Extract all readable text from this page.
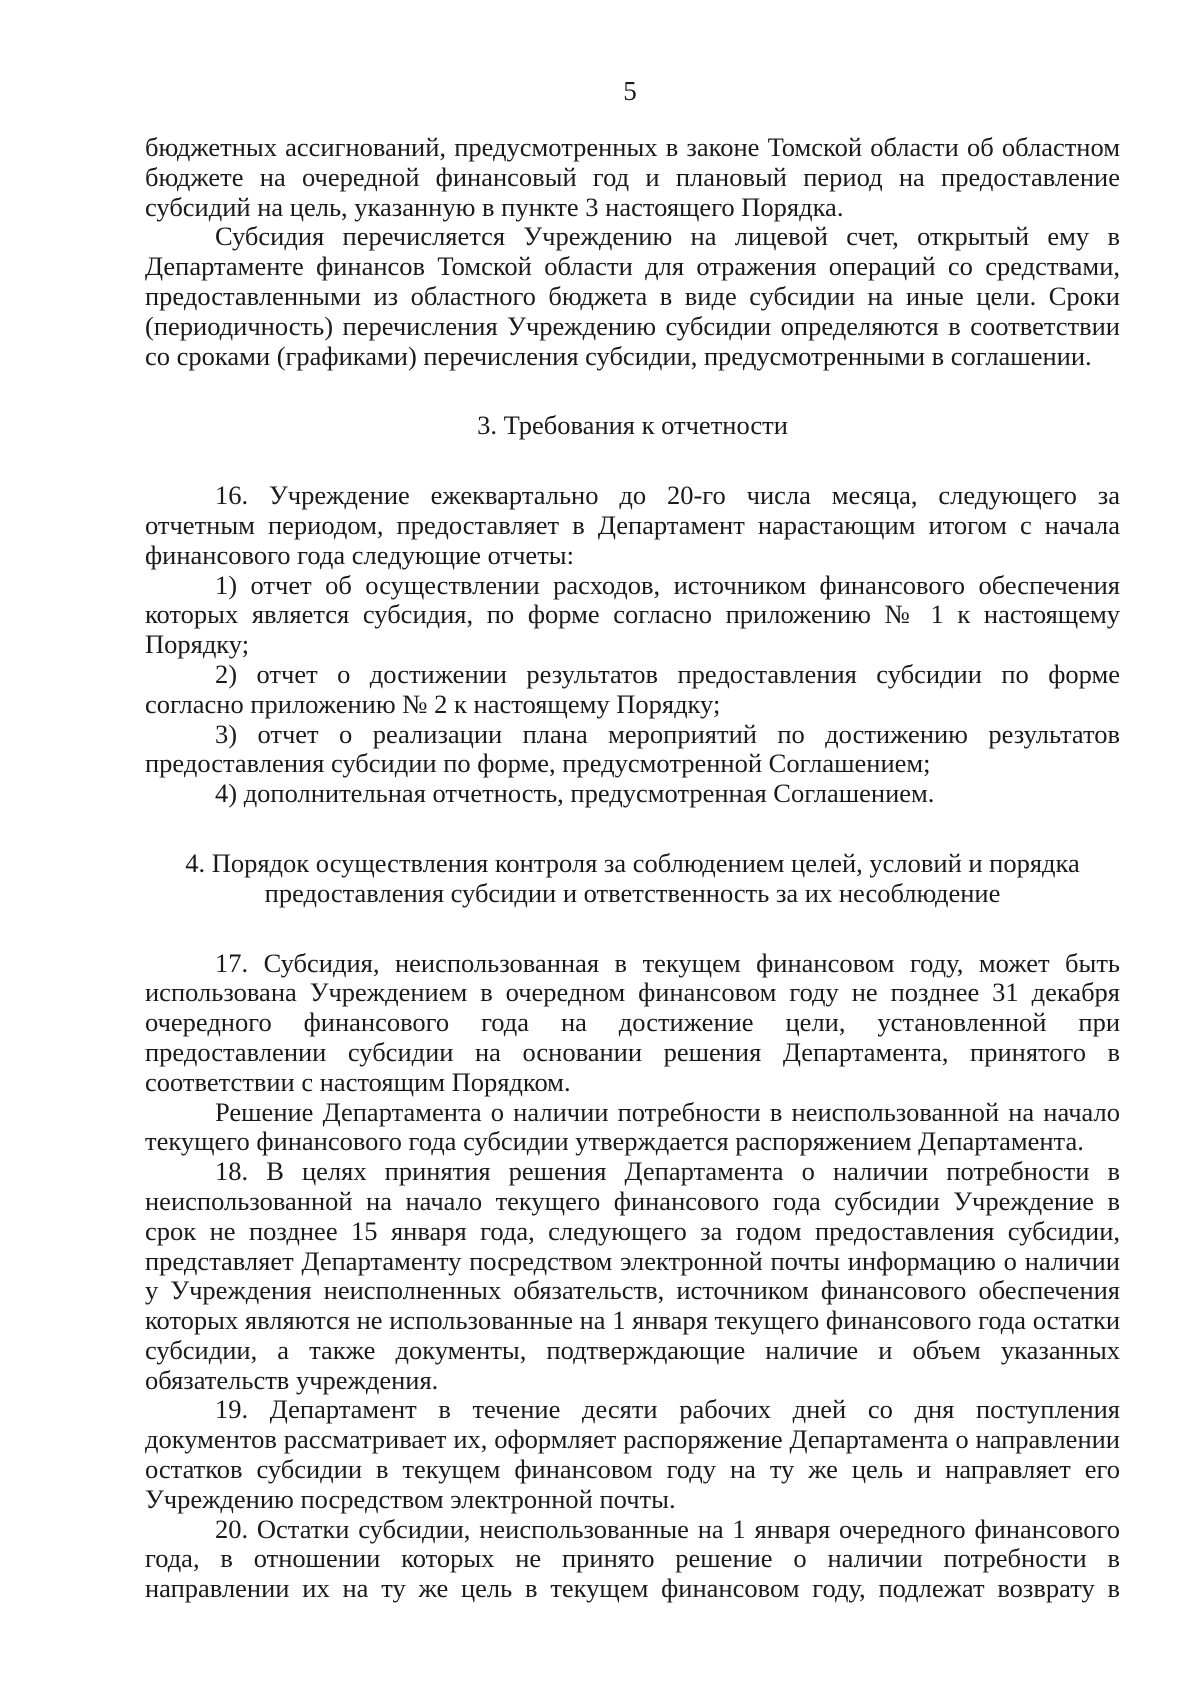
5

бюджетных ассигнований, предусмотренных в законе Томской области об областном бюджете на очередной финансовый год и плановый период на предоставление субсидий на цель, указанную в пункте 3 настоящего Порядка.

Субсидия перечисляется Учреждению на лицевой счет, открытый ему в Департаменте финансов Томской области для отражения операций со средствами, предоставленными из областного бюджета в виде субсидии на иные цели. Сроки (периодичность) перечисления Учреждению субсидии определяются в соответствии со сроками (графиками) перечисления субсидии, предусмотренными в соглашении.

3. Требования к отчетности

16. Учреждение ежеквартально до 20-го числа месяца, следующего за отчетным периодом, предоставляет в Департамент нарастающим итогом с начала финансового года следующие отчеты:

1) отчет об осуществлении расходов, источником финансового обеспечения которых является субсидия, по форме согласно приложению № 1 к настоящему Порядку;

2) отчет о достижении результатов предоставления субсидии по форме согласно приложению № 2 к настоящему Порядку;

3) отчет о реализации плана мероприятий по достижению результатов предоставления субсидии по форме, предусмотренной Соглашением;

4) дополнительная отчетность, предусмотренная Соглашением.

4. Порядок осуществления контроля за соблюдением целей, условий и порядка
предоставления субсидии и ответственность за их несоблюдение

17. Субсидия, неиспользованная в текущем финансовом году, может быть использована Учреждением в очередном финансовом году не позднее 31 декабря очередного финансового года на достижение цели, установленной при предоставлении субсидии на основании решения Департамента, принятого в соответствии с настоящим Порядком.

Решение Департамента о наличии потребности в неиспользованной на начало текущего финансового года субсидии утверждается распоряжением Департамента.

18. В целях принятия решения Департамента о наличии потребности в неиспользованной на начало текущего финансового года субсидии Учреждение в срок не позднее 15 января года, следующего за годом предоставления субсидии, представляет Департаменту посредством электронной почты информацию о наличии у Учреждения неисполненных обязательств, источником финансового обеспечения которых являются не использованные на 1 января текущего финансового года остатки субсидии, а также документы, подтверждающие наличие и объем указанных обязательств учреждения.

19. Департамент в течение десяти рабочих дней со дня поступления документов рассматривает их, оформляет распоряжение Департамента о направлении остатков субсидии в текущем финансовом году на ту же цель и направляет его Учреждению посредством электронной почты.

20. Остатки субсидии, неиспользованные на 1 января очередного финансового года, в отношении которых не принято решение о наличии потребности в направлении их на ту же цель в текущем финансовом году, подлежат возврату в
